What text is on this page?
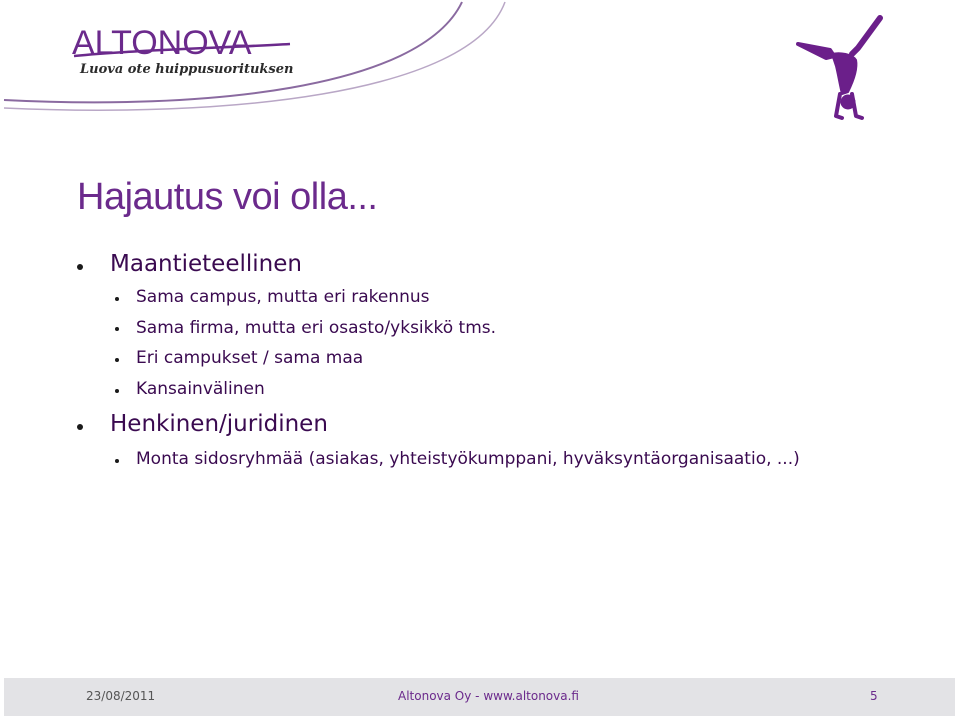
ALTONOVA
Luova ote huippusuorituksen
Hajautus voi olla...
Maantieteellinen
Sama campus, mutta eri rakennus
Sama firma, mutta eri osasto/yksikkö tms.
Eri campukset / sama maa
Kansainvälinen
Henkinen/juridinen
Monta sidosryhmää (asiakas, yhteistyökumppani, hyväksyntäorganisaatio, ...)
23/08/2011	Altonova Oy - www.altonova.fi	5
